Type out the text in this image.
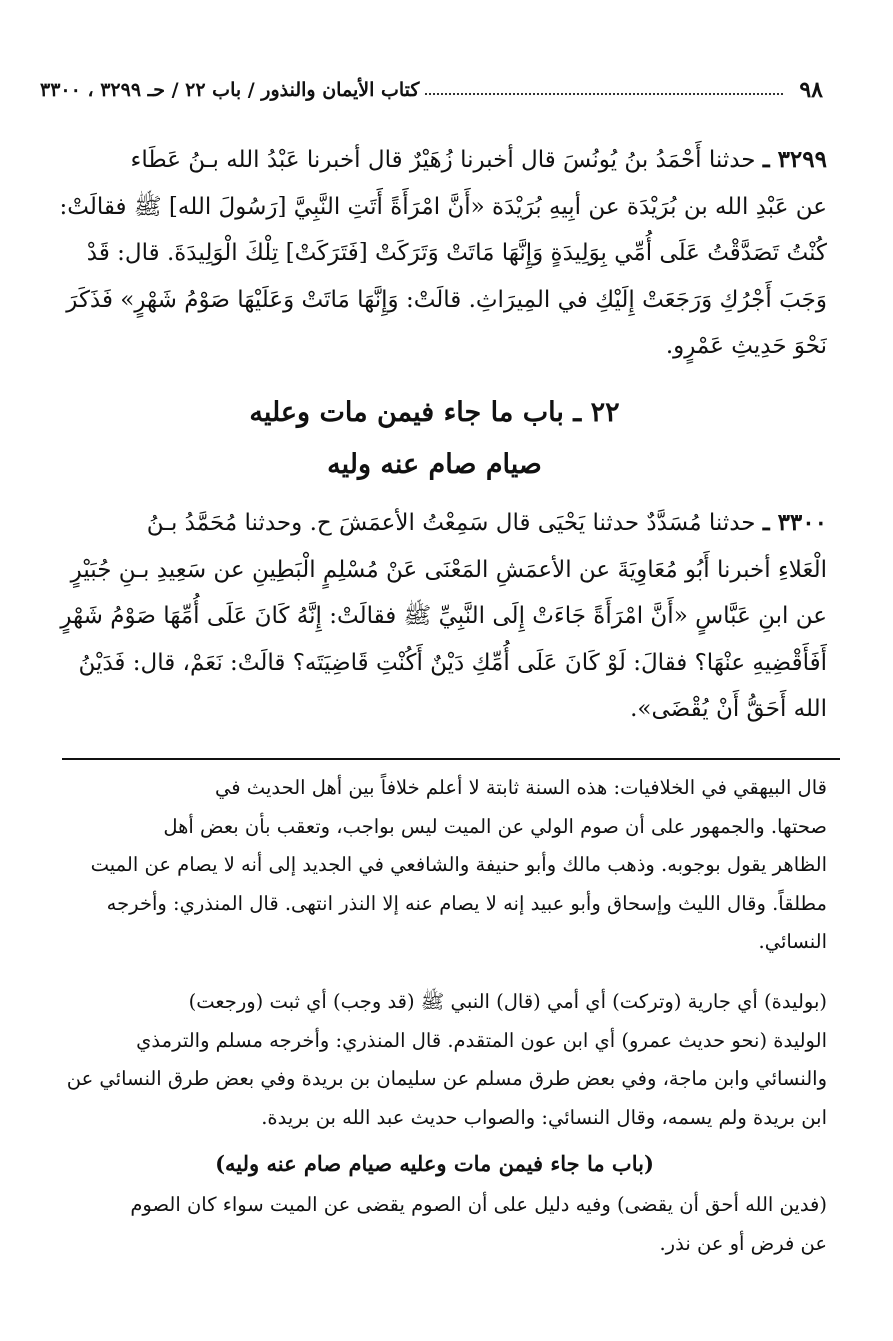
٩٨
كتاب الأيمان والنذور / باب ٢٢ / حـ ٣٢٩٩ ، ٣٣٠٠
٣٢٩٩ ـ حدثنا أَحْمَدُ بنُ يُونُسَ قال أخبرنا زُهَيْرٌ قال أخبرنا عَبْدُ الله بـنُ عَطَاء
عن عَبْدِ الله بن بُرَيْدَة عن أبِيهِ بُرَيْدَة «أَنَّ امْرَأَةً أَتَتِ النَّبِيَّ [رَسُولَ الله] ﷺ فقالَتْ:
كُنْتُ تَصَدَّقْتُ عَلَى أُمِّي بِوَلِيدَةٍ وَإِنَّهَا مَاتَتْ وَتَرَكَتْ [فَتَرَكَتْ] تِلْكَ الْوَلِيدَةَ. قال: قَدْ
وَجَبَ أَجْرُكِ وَرَجَعَتْ إِلَيْكِ في المِيرَاثِ. قالَتْ: وَإِنَّهَا مَاتَتْ وَعَلَيْهَا صَوْمُ شَهْرٍ» فَذَكَرَ
نَحْوَ حَدِيثِ عَمْرٍو.
٢٢ ـ باب ما جاء فيمن مات وعليه
صيام صام عنه وليه
٣٣٠٠ ـ حدثنا مُسَدَّدٌ حدثنا يَحْيَى قال سَمِعْتُ الأعمَشَ ح. وحدثنا مُحَمَّدُ بـنُ
الْعَلاءِ أخبرنا أَبُو مُعَاوِيَةَ عن الأعمَشِ المَعْنَى عَنْ مُسْلِمٍ الْبَطِينِ عن سَعِيدِ بـنِ جُبَيْرٍ
عن ابنِ عَبَّاسٍ «أَنَّ امْرَأَةً جَاءَتْ إِلَى النَّبِيِّ ﷺ فقالَتْ: إِنَّهُ كَانَ عَلَى أُمِّهَا صَوْمُ شَهْرٍ
أَفَأَقْضِيهِ عنْهَا؟ فقالَ: لَوْ كَانَ عَلَى أُمِّكِ دَيْنٌ أَكُنْتِ قَاضِيَتَه؟ قالَتْ: نَعَمْ، قال: فَدَيْنُ
الله أَحَقُّ أَنْ يُقْضَى».
قال البيهقي في الخلافيات: هذه السنة ثابتة لا أعلم خلافاً بين أهل الحديث في
صحتها. والجمهور على أن صوم الولي عن الميت ليس بواجب، وتعقب بأن بعض أهل
الظاهر يقول بوجوبه. وذهب مالك وأبو حنيفة والشافعي في الجديد إلى أنه لا يصام عن الميت
مطلقاً. وقال الليث وإسحاق وأبو عبيد إنه لا يصام عنه إلا النذر انتهى. قال المنذري: وأخرجه
النسائي.
(بوليدة) أي جارية (وتركت) أي أمي (قال) النبي ﷺ (قد وجب) أي ثبت (ورجعت)
الوليدة (نحو حديث عمرو) أي ابن عون المتقدم. قال المنذري: وأخرجه مسلم والترمذي
والنسائي وابن ماجة، وفي بعض طرق مسلم عن سليمان بن بريدة وفي بعض طرق النسائي عن
ابن بريدة ولم يسمه، وقال النسائي: والصواب حديث عبد الله بن بريدة.
(باب ما جاء فيمن مات وعليه صيام صام عنه وليه)
(فدين الله أحق أن يقضى) وفيه دليل على أن الصوم يقضى عن الميت سواء كان الصوم
عن فرض أو عن نذر.
